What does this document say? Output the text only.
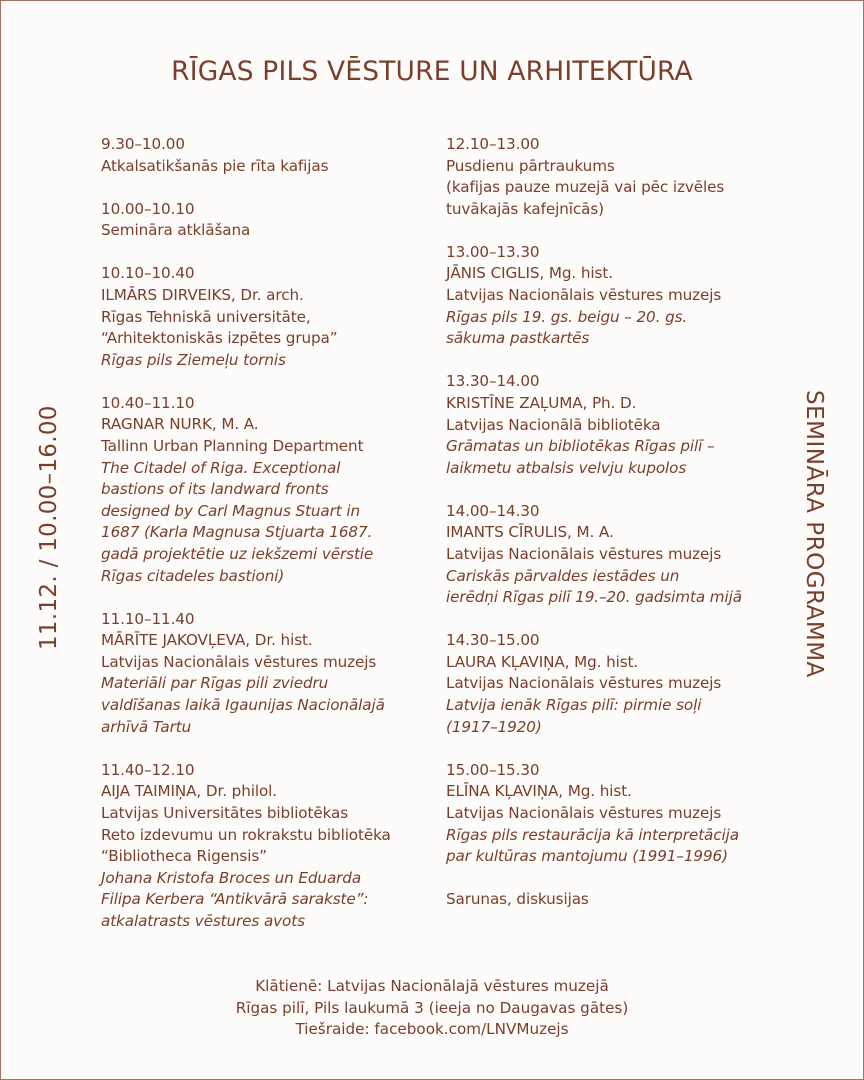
RĪGAS PILS VĒSTURE UN ARHITEKTŪRA
11.12. / 10.00–16.00	SEMINĀRA PROGRAMMA
9.30–10.00
Atkalsatikšanās pie rīta kafijas
10.00–10.10
Semināra atklāšana
10.10–10.40
ILMĀRS DIRVEIKS, Dr. arch.
Rīgas Tehniskā universitāte,
“Arhitektoniskās izpētes grupa”
Rīgas pils Ziemeļu tornis
10.40–11.10
RAGNAR NURK, M. A.
Tallinn Urban Planning Department
The Citadel of Riga. Exceptional
bastions of its landward fronts
designed by Carl Magnus Stuart in
1687 (Karla Magnusa Stjuarta 1687.
gadā projektētie uz iekšzemi vērstie
Rīgas citadeles bastioni)
11.10–11.40
MĀRĪTE JAKOVĻEVA, Dr. hist.
Latvijas Nacionālais vēstures muzejs
Materiāli par Rīgas pili zviedru
valdīšanas laikā Igaunijas Nacionālajā
arhīvā Tartu
11.40–12.10
AIJA TAIMIŅA, Dr. philol.
Latvijas Universitātes bibliotēkas
Reto izdevumu un rokrakstu bibliotēka
“Bibliotheca Rigensis”
Johana Kristofa Broces un Eduarda
Filipa Kerbera “Antikvārā sarakste”:
atkalatrasts vēstures avots
12.10–13.00
Pusdienu pārtraukums
(kafijas pauze muzejā vai pēc izvēles
tuvākajās kafejnīcās)
13.00–13.30
JĀNIS CIGLIS, Mg. hist.
Latvijas Nacionālais vēstures muzejs
Rīgas pils 19. gs. beigu – 20. gs.
sākuma pastkartēs
13.30–14.00
KRISTĪNE ZAĻUMA, Ph. D.
Latvijas Nacionālā bibliotēka
Grāmatas un bibliotēkas Rīgas pilī –
laikmetu atbalsis velvju kupolos
14.00–14.30
IMANTS CĪRULIS, M. A.
Latvijas Nacionālais vēstures muzejs
Cariskās pārvaldes iestādes un
ierēdņi Rīgas pilī 19.–20. gadsimta mijā
14.30–15.00
LAURA KĻAVIŅA, Mg. hist.
Latvijas Nacionālais vēstures muzejs
Latvija ienāk Rīgas pilī: pirmie soļi
(1917–1920)
15.00–15.30
ELĪNA KĻAVIŅA, Mg. hist.
Latvijas Nacionālais vēstures muzejs
Rīgas pils restaurācija kā interpretācija
par kultūras mantojumu (1991–1996)
Sarunas, diskusijas
Klātienē: Latvijas Nacionālajā vēstures muzejā
Rīgas pilī, Pils laukumā 3 (ieeja no Daugavas gātes)
Tiešraide: facebook.com/LNVMuzejs
